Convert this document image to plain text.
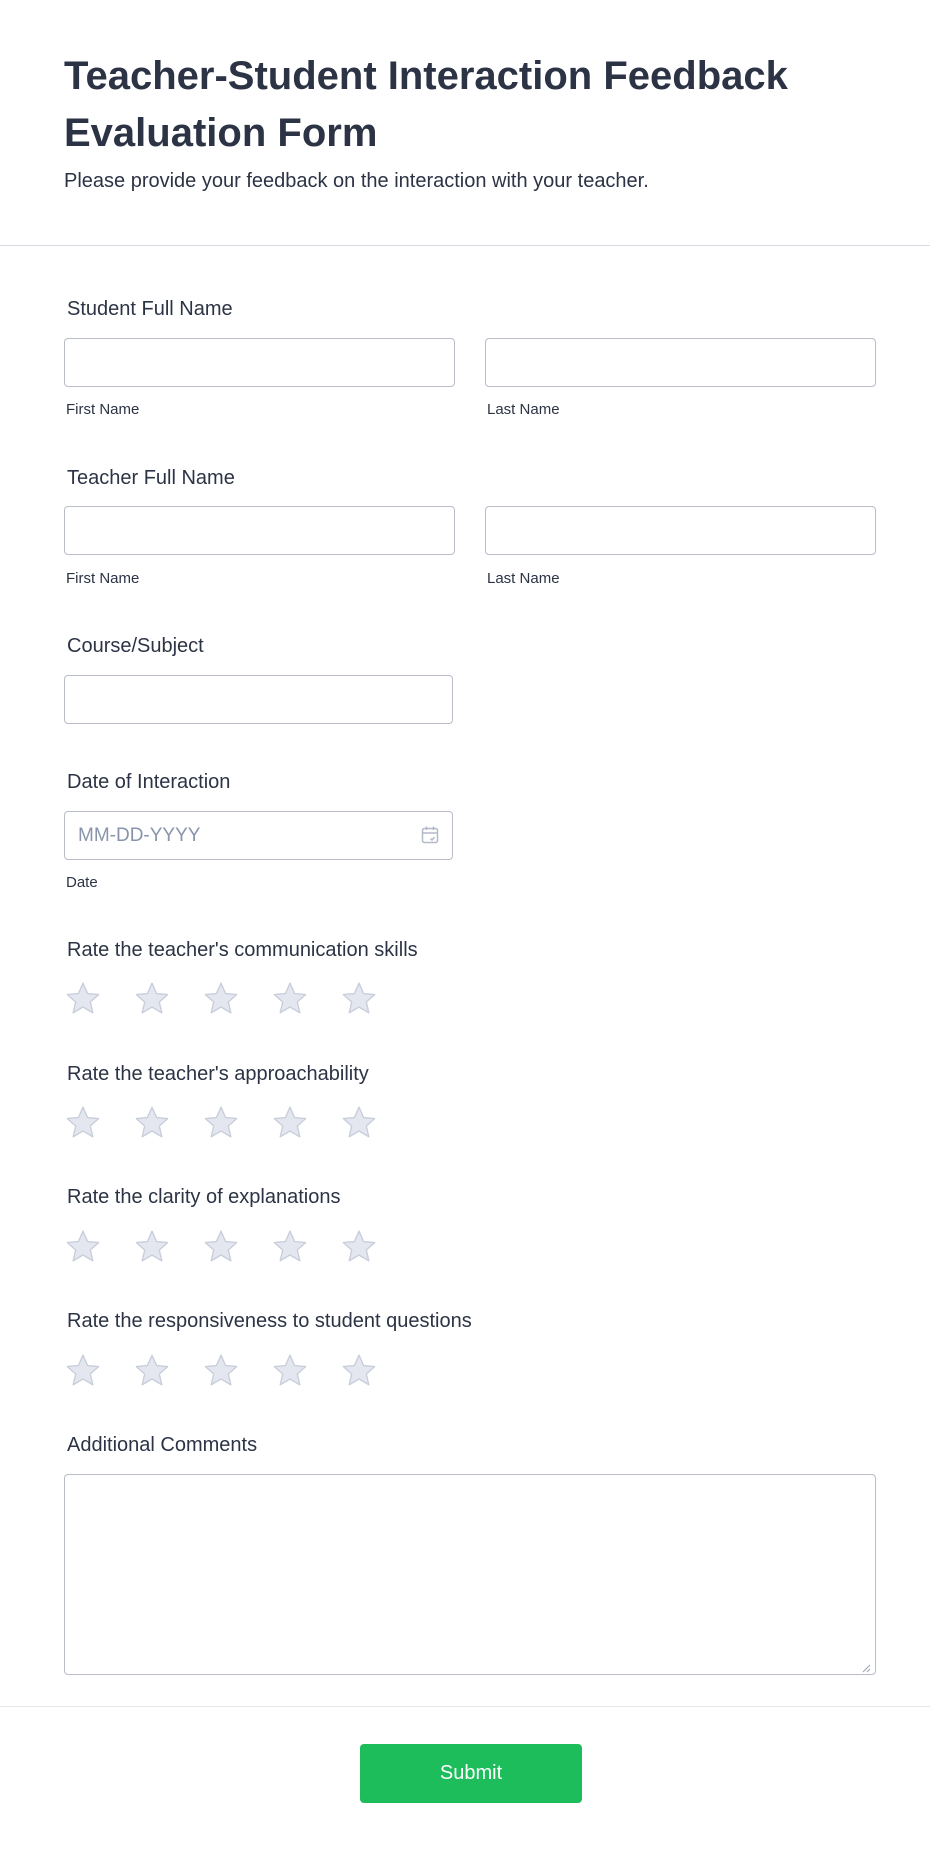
Teacher-Student Interaction Feedback Evaluation Form

Please provide your feedback on the interaction with your teacher.

Student Full Name
First Name	Last Name
Teacher Full Name
First Name	Last Name
Course/Subject
Date of Interaction
MM-DD-YYYY
Date
Rate the teacher's communication skills
Rate the teacher's approachability
Rate the clarity of explanations
Rate the responsiveness to student questions
Additional Comments
Submit
